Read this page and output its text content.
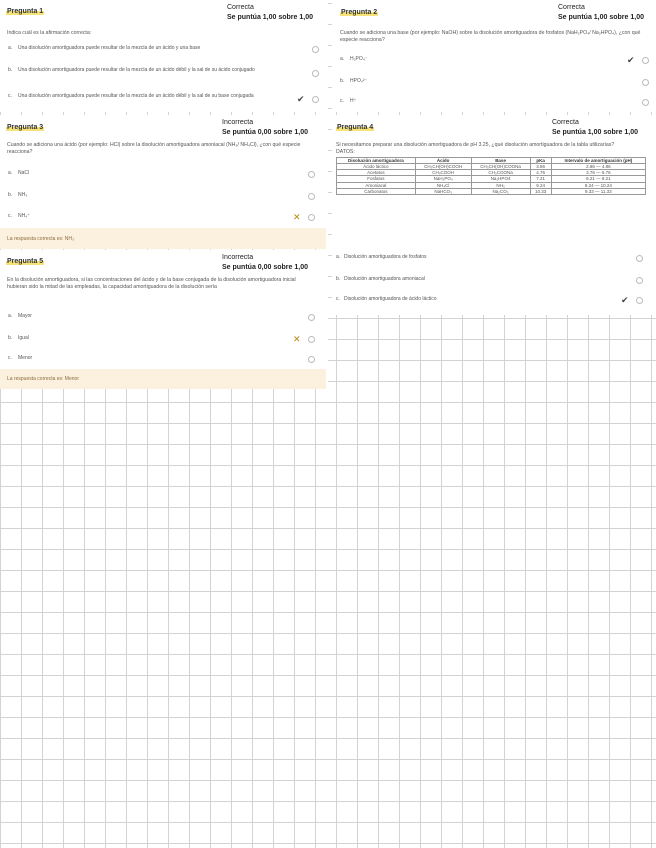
Pregunta 1
Correcta
Se puntúa 1,00 sobre 1,00
Indica cuál es la afirmación correcta:
a. Una disolución amortiguadora puede resultar de la mezcla de un ácido y una base
b. Una disolución amortiguadora puede resultar de la mezcla de un ácido débil y la sal de su ácido conjugado
c. Una disolución amortiguadora puede resultar de la mezcla de un ácido débil y la sal de su base conjugada	✔
Pregunta 2
Correcta
Se puntúa 1,00 sobre 1,00
Cuando se adiciona una base (por ejemplo: NaOH) sobre la disolución amortiguadora de fosfatos (NaH₂PO₄/ Na₂HPO₄), ¿con qué especie reacciona?
a. H₂PO₄⁻	✔
b. HPO₄²⁻
c. H⁺
Pregunta 3
Incorrecta
Se puntúa 0,00 sobre 1,00
Cuando se adiciona una ácido (por ejemplo: HCl) sobre la disolución amortiguadora amoniacal (NH₃/ NH₄Cl), ¿con qué especie reacciona?
a. NaCl
b. NH₃
c. NH₄⁺	✕
La respuesta correcta es: NH₃
Pregunta 4
Correcta
Se puntúa 1,00 sobre 1,00
Si necesitamos preparar una disolución amortiguadora de pH 3.25, ¿qué disolución amortiguadora de la tabla utilizarías?
DATOS:
Disolución amortiguadora	Ácido	Base	pKa	Intervalo de amortiguación (pH)
Ácido láctico	CH₃CH(OH)COOH	CH₃CH(OH)COONa	3.86	2.86 — 4.86
Acetatos	CH₃COOH	CH₃COONa	4.76	3.76 — 5.76
Fosfatos	NaH₂PO₄	Na₂HPO4	7.21	6.21 — 8.21
Amoniacal	NH₄Cl	NH₃	9.24	8.24 — 10.24
Carbonatos	NaHCO₃	Na₂CO₃	10.33	9.33 — 11.33
a. Disolución amortiguadora de fosfatos
b. Disolución amortiguadora amoniacal
c. Disolución amortiguadora de ácido láctico	✔
Pregunta 5
Incorrecta
Se puntúa 0,00 sobre 1,00
En la disolución amortiguadora, si las concentraciones del ácido y de la base conjugada de la disolución amortiguadora inicial hubieran sido la mitad de las empleadas, la capacidad amortiguadora de la disolución sería
a. Mayor
b. Igual	✕
c. Menor
La respuesta correcta es: Menor
